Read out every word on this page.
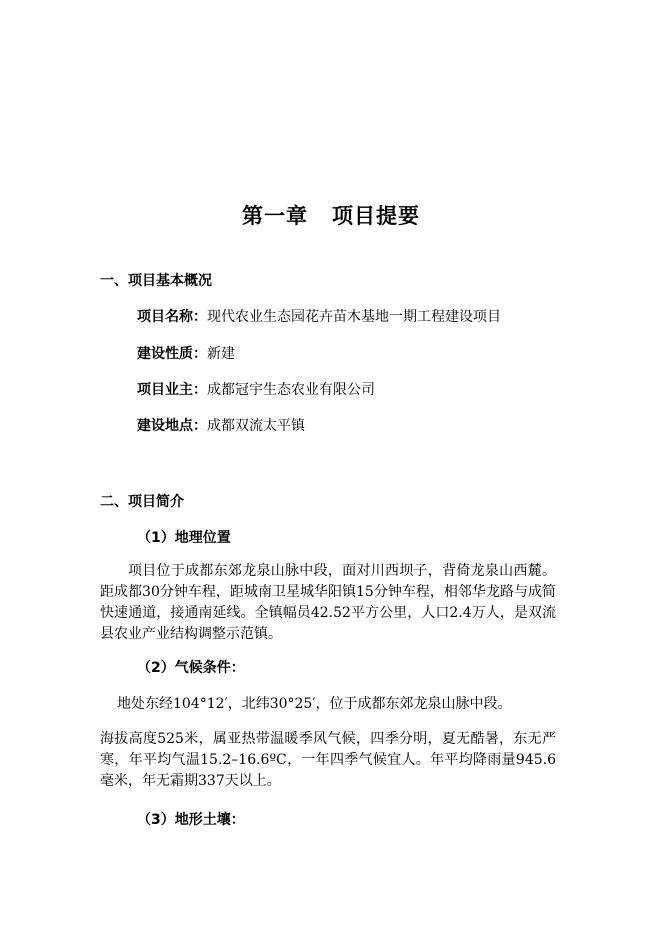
第一章 项目提要
一、项目基本概况
项目名称：现代农业生态园花卉苗木基地一期工程建设项目
建设性质：新建
项目业主：成都冠宇生态农业有限公司
建设地点：成都双流太平镇
二、项目简介
（1）地理位置
项目位于成都东郊龙泉山脉中段，面对川西坝子，背倚龙泉山西麓。距成都30分钟车程，距城南卫星城华阳镇15分钟车程，相邻华龙路与成简快速通道，接通南延线。全镇幅员42.52平方公里，人口2.4万人，是双流县农业产业结构调整示范镇。
（2）气候条件：
地处东经104°12′，北纬30°25′，位于成都东郊龙泉山脉中段。
海拔高度525米，属亚热带温暖季风气候，四季分明，夏无酷暑，东无严寒，年平均气温15.2–16.6ºC，一年四季气候宜人。年平均降雨量945.6毫米，年无霜期337天以上。
（3）地形土壤：
